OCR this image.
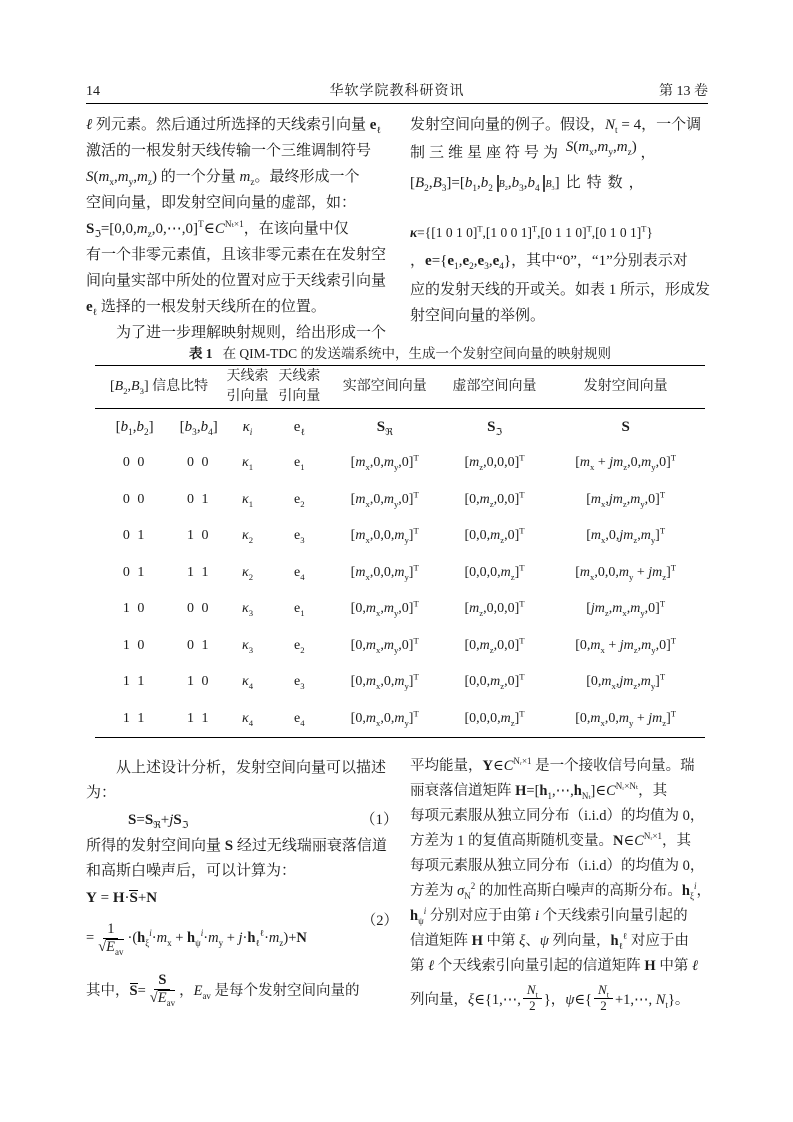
14	华软学院教科研资讯	第 13 卷
ℓ 列元素。然后通过所选择的天线索引向量 $e_\ell$
激活的一根发射天线传输一个三维调制符号
$S(m_x,m_y,m_z)$ 的一个分量 $m_z$。最终形成一个
空间向量，即发射空间向量的虚部，如：
$S_ℑ=[0,0,m_z,0,\cdots,0]^T\in C^{N_t\times 1}$，在该向量中仅
有一个非零元素值，且该非零元素在在发射空
间向量实部中所处的位置对应于天线索引向量
$e_\ell$ 选择的一根发射天线所在的位置。
　　为了进一步理解映射规则，给出形成一个
发射空间向量的例子。假设，$N_t = 4$，一个调
制三维星座符号为 $S(m_x,m_y,m_z)$ ，
$[B_2,B_3]=$[ $b_1,b_2$ $B_2$ , $b_3,b_4$ $B_3$ ] 比特数，
κ={[1 0 1 0]$^T$,[1 0 0 1]$^T$,[0 1 1 0]$^T$,[0 1 0 1]$^T$}
，$e=\{e_1,e_2,e_3,e_4\}$，其中“0”，“1”分别表示对
应的发射天线的开或关。如表 1 所示，形成发
射空间向量的举例。
表 1 在 QIM-TDC 的发送端系统中，生成一个发射空间向量的映射规则
$[B_2,B_3]$ 信息比特		天线索引向量	天线索引向量	实部空间向量	虚部空间向量	发射空间向量
$[b_1,b_2]$	$[b_3,b_4]$	$\kappa_i$	$e_\ell$	$S_ℜ$	$S_ℑ$	S
0 0	0 0	$\kappa_1$	$e_1$	$[m_x,0,m_y,0]^T$	$[m_z,0,0,0]^T$	$[m_x + jm_z,0,m_y,0]^T$
0 0	0 1	$\kappa_1$	$e_2$	$[m_x,0,m_y,0]^T$	$[0,m_z,0,0]^T$	$[m_x,jm_z,m_y,0]^T$
0 1	1 0	$\kappa_2$	$e_3$	$[m_x,0,0,m_y]^T$	$[0,0,m_z,0]^T$	$[m_x,0,jm_z,m_y]^T$
0 1	1 1	$\kappa_2$	$e_4$	$[m_x,0,0,m_y]^T$	$[0,0,0,m_z]^T$	$[m_x,0,0,m_y + jm_z]^T$
1 0	0 0	$\kappa_3$	$e_1$	$[0,m_x,m_y,0]^T$	$[m_z,0,0,0]^T$	$[jm_z,m_x,m_y,0]^T$
1 0	0 1	$\kappa_3$	$e_2$	$[0,m_x,m_y,0]^T$	$[0,m_z,0,0]^T$	$[0,m_x + jm_z,m_y,0]^T$
1 1	1 0	$\kappa_4$	$e_3$	$[0,m_x,0,m_y]^T$	$[0,0,m_z,0]^T$	$[0,m_x,jm_z,m_y]^T$
1 1	1 1	$\kappa_4$	$e_4$	$[0,m_x,0,m_y]^T$	$[0,0,0,m_z]^T$	$[0,m_x,0,m_y + jm_z]^T$
　　从上述设计分析，发射空间向量可以描述
为：
$S=S_ℜ+jS_ℑ$	（1）
所得的发射空间向量 S 经过无线瑞丽衰落信道
和高斯白噪声后，可以计算为：
Y = H·S+N
= $\frac{1}{√E_{av}} \cdot(h_\xi^i\cdot m_x + h_\psi^i\cdot m_y + j\cdot h_\ell^\ell\cdot m_z)+N$
（2）
其中，$S= \frac{S}{√E_{av}}$ ，$E_{av}$ 是每个发射空间向量的
平均能量，$Y\in C^{Nᵣ\times 1}$ 是一个接收信号向量。瑞
丽衰落信道矩阵 $H=[h_1,\cdots,h_{N_t}]\in C^{Nᵣ\times N_t}$，其
每项元素服从独立同分布（i.i.d）的均值为 0，
方差为 1 的复值高斯随机变量。$N\in C^{Nᵣ\times 1}$，其
每项元素服从独立同分布（i.i.d）的均值为 0，
方差为 $\sigma_N^2$ 的加性高斯白噪声的高斯分布。$h_\xi^i$，
$h_\psi^i$ 分别对应于由第 i 个天线索引向量引起的
信道矩阵 H 中第 ξ、ψ 列向量，$h_\ell^\ell$ 对应于由
第 ℓ 个天线索引向量引起的信道矩阵 H 中第 ℓ
列向量，ξ∈{1,⋯, $\frac{N_t}{2}$ }，ψ∈{ $\frac{N_t}{2}$ +1,⋯, $N_t$}。
